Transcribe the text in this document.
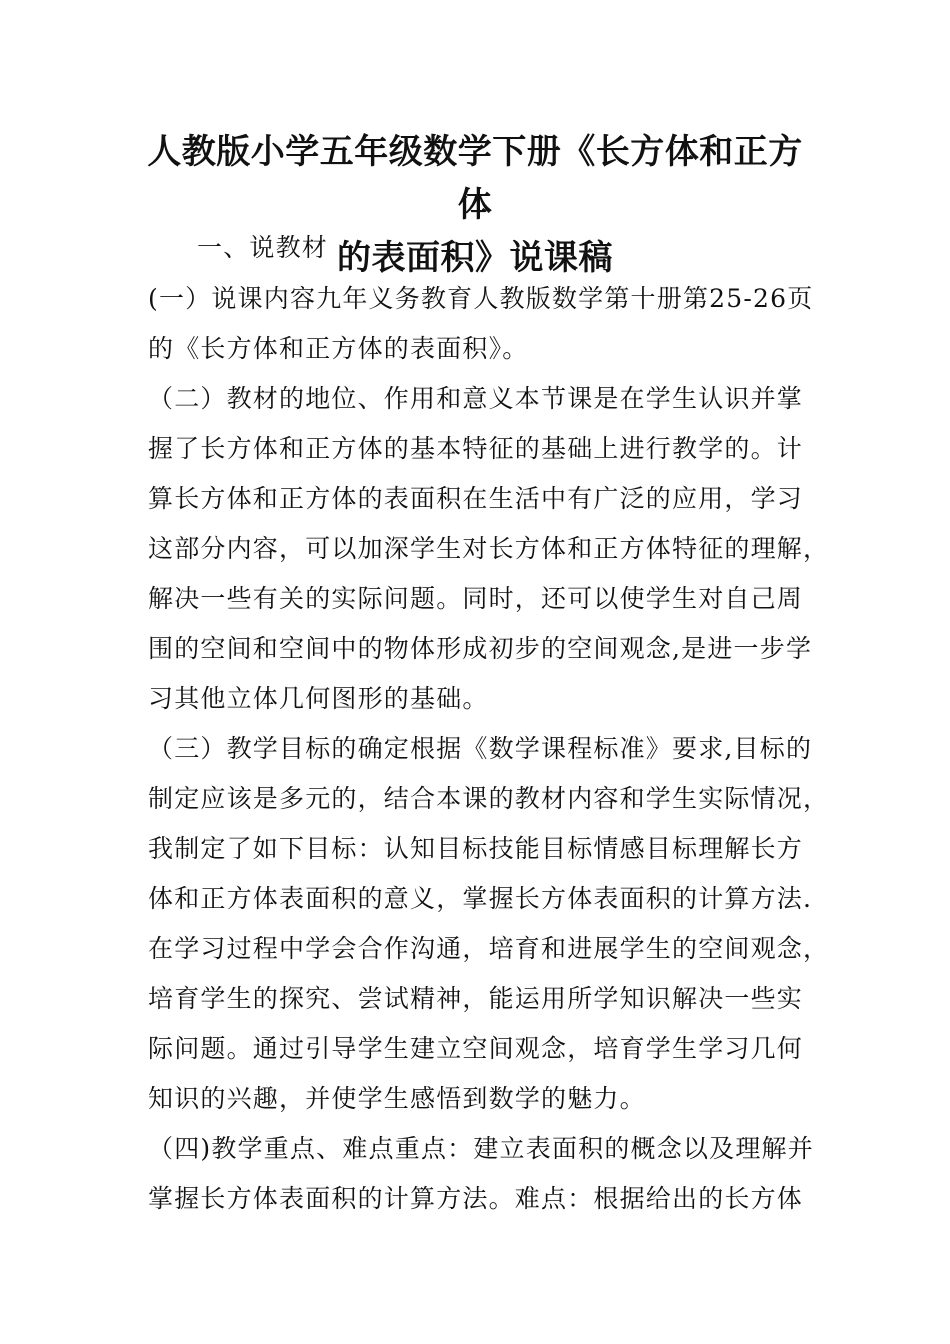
人教版小学五年级数学下册《长方体和正方体
的表面积》说课稿

一、说教材

(一）说课内容九年义务教育人教版数学第十册第25-26页

的《长方体和正方体的表面积》。

（二）教材的地位、作用和意义本节课是在学生认识并掌

握了长方体和正方体的基本特征的基础上进行教学的。计

算长方体和正方体的表面积在生活中有广泛的应用，学习

这部分内容，可以加深学生对长方体和正方体特征的理解，

解决一些有关的实际问题。同时，还可以使学生对自己周

围的空间和空间中的物体形成初步的空间观念,是进一步学

习其他立体几何图形的基础。

（三）教学目标的确定根据《数学课程标准》要求,目标的

制定应该是多元的，结合本课的教材内容和学生实际情况，

我制定了如下目标：认知目标技能目标情感目标理解长方

体和正方体表面积的意义，掌握长方体表面积的计算方法.

在学习过程中学会合作沟通，培育和进展学生的空间观念，

培育学生的探究、尝试精神，能运用所学知识解决一些实

际问题。通过引导学生建立空间观念，培育学生学习几何

知识的兴趣，并使学生感悟到数学的魅力。

（四)教学重点、难点重点：建立表面积的概念以及理解并

掌握长方体表面积的计算方法。难点：根据给出的长方体
